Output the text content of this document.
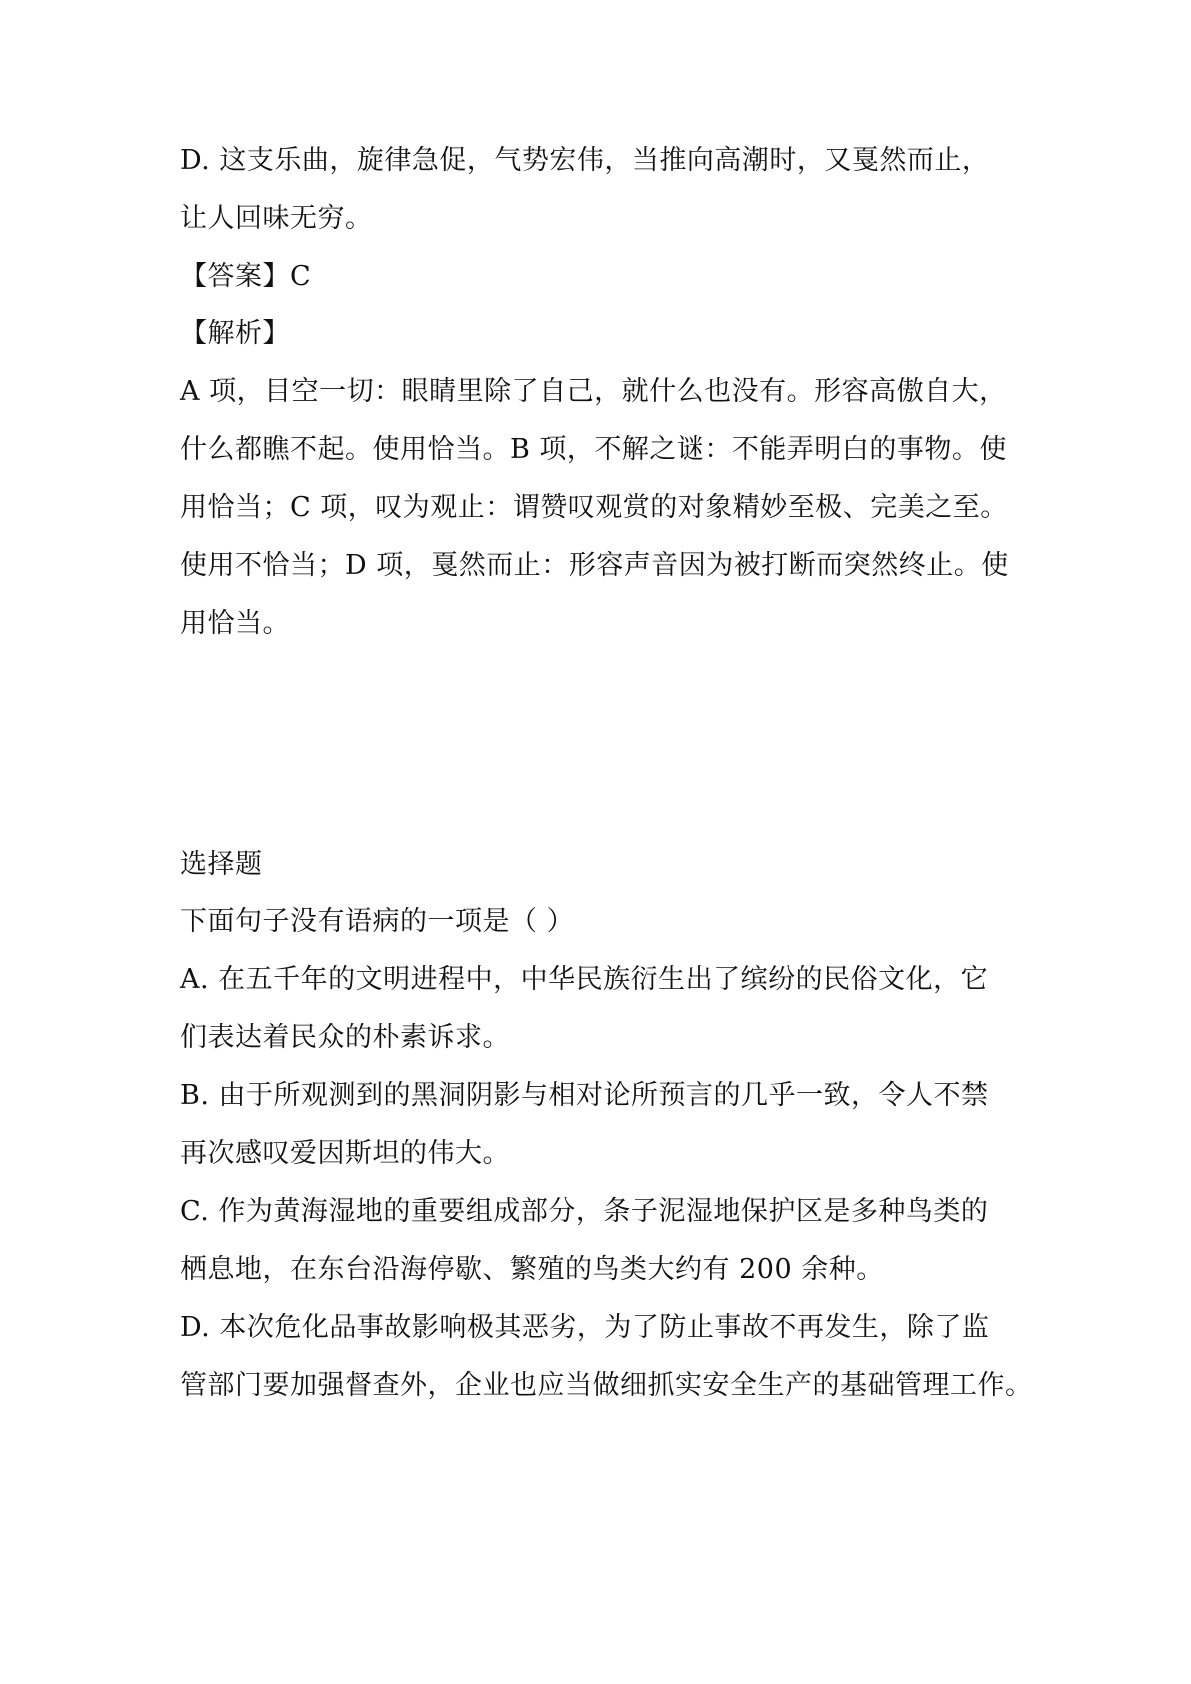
D. 这支乐曲，旋律急促，气势宏伟，当推向高潮时，又戛然而止，
让人回味无穷。
【答案】C
【解析】
A 项，目空一切：眼睛里除了自己，就什么也没有。形容高傲自大，
什么都瞧不起。使用恰当。B 项，不解之谜：不能弄明白的事物。使
用恰当；C 项，叹为观止：谓赞叹观赏的对象精妙至极、完美之至。
使用不恰当；D 项，戛然而止：形容声音因为被打断而突然终止。使
用恰当。
选择题
下面句子没有语病的一项是（ ）
A. 在五千年的文明进程中，中华民族衍生出了缤纷的民俗文化，它
们表达着民众的朴素诉求。
B. 由于所观测到的黑洞阴影与相对论所预言的几乎一致，令人不禁
再次感叹爱因斯坦的伟大。
C. 作为黄海湿地的重要组成部分，条子泥湿地保护区是多种鸟类的
栖息地，在东台沿海停歇、繁殖的鸟类大约有 200 余种。
D. 本次危化品事故影响极其恶劣，为了防止事故不再发生，除了监
管部门要加强督查外，企业也应当做细抓实安全生产的基础管理工作。
